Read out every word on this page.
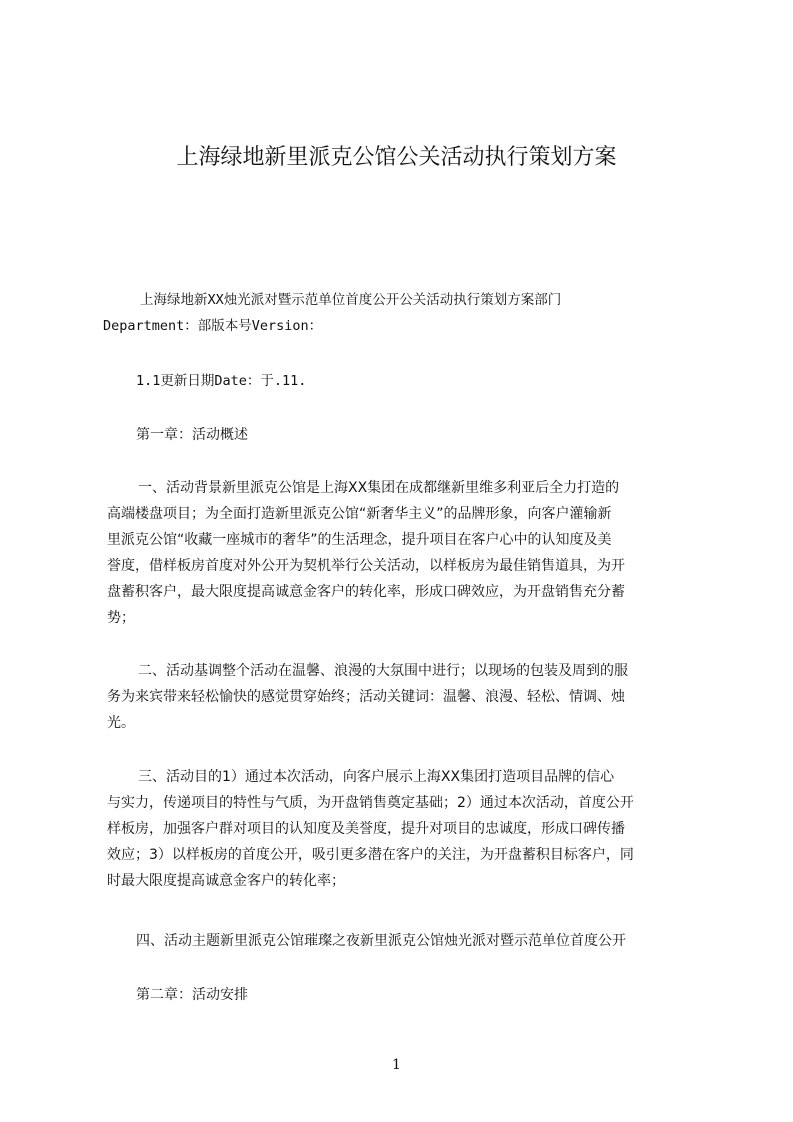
上海绿地新里派克公馆公关活动执行策划方案
上海绿地新XX烛光派对暨示范单位首度公开公关活动执行策划方案部门
Department：部版本号Version：
1.1更新日期Date：于.11.
第一章：活动概述
一、活动背景新里派克公馆是上海XX集团在成都继新里维多利亚后全力打造的
高端楼盘项目；为全面打造新里派克公馆“新奢华主义”的品牌形象，向客户灌输新
里派克公馆“收藏一座城市的奢华”的生活理念，提升项目在客户心中的认知度及美
誉度，借样板房首度对外公开为契机举行公关活动，以样板房为最佳销售道具，为开
盘蓄积客户，最大限度提高诚意金客户的转化率，形成口碑效应，为开盘销售充分蓄
势；
二、活动基调整个活动在温馨、浪漫的大氛围中进行；以现场的包装及周到的服
务为来宾带来轻松愉快的感觉贯穿始终；活动关键词：温馨、浪漫、轻松、情调、烛
光。
三、活动目的1）通过本次活动，向客户展示上海XX集团打造项目品牌的信心
与实力，传递项目的特性与气质，为开盘销售奠定基础；2）通过本次活动，首度公开
样板房，加强客户群对项目的认知度及美誉度，提升对项目的忠诚度，形成口碑传播
效应；3）以样板房的首度公开，吸引更多潜在客户的关注，为开盘蓄积目标客户，同
时最大限度提高诚意金客户的转化率；
四、活动主题新里派克公馆璀璨之夜新里派克公馆烛光派对暨示范单位首度公开
第二章：活动安排
1
